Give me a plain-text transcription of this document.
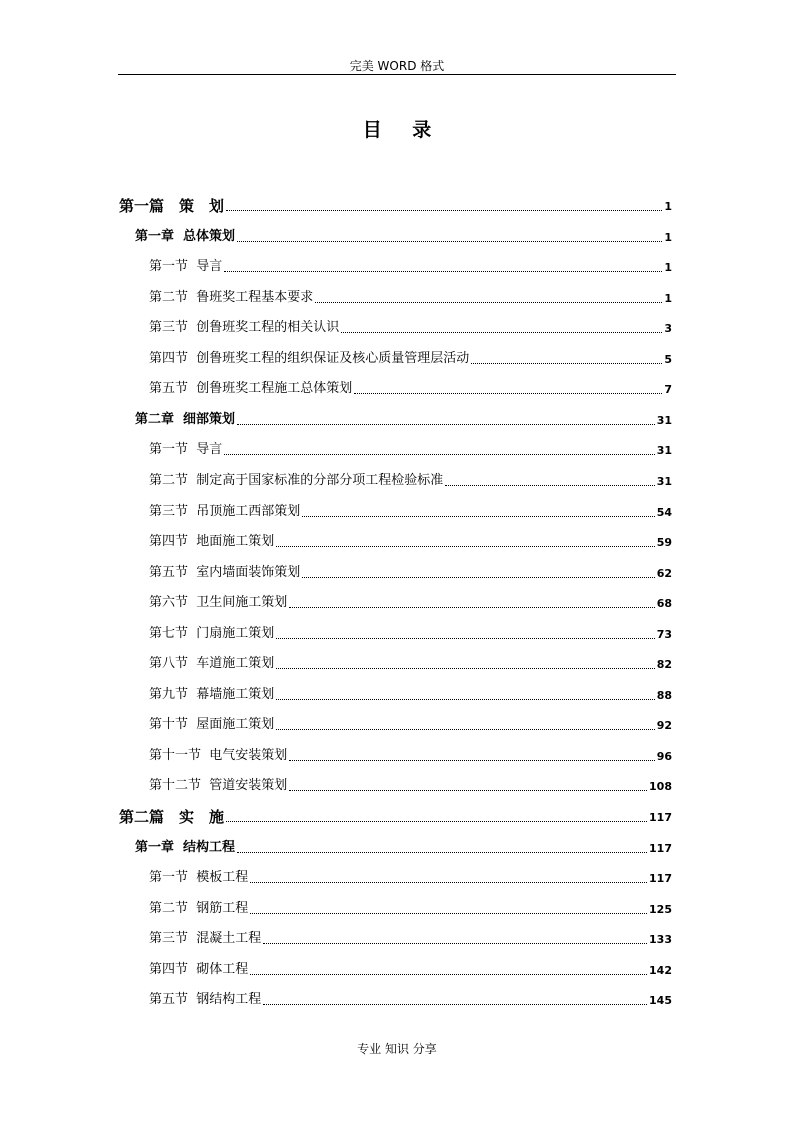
完美 WORD 格式
目 录
第一篇　策　划	1
第一章  总体策划	1
第一节  导言	1
第二节  鲁班奖工程基本要求	1
第三节  创鲁班奖工程的相关认识	3
第四节  创鲁班奖工程的组织保证及核心质量管理层活动	5
第五节  创鲁班奖工程施工总体策划	7
第二章  细部策划	31
第一节  导言	31
第二节  制定高于国家标准的分部分项工程检验标准	31
第三节  吊顶施工西部策划	54
第四节  地面施工策划	59
第五节  室内墙面装饰策划	62
第六节  卫生间施工策划	68
第七节  门扇施工策划	73
第八节  车道施工策划	82
第九节  幕墙施工策划	88
第十节  屋面施工策划	92
第十一节  电气安装策划	96
第十二节  管道安装策划	108
第二篇　实　施	117
第一章  结构工程	117
第一节  模板工程	117
第二节  钢筋工程	125
第三节  混凝土工程	133
第四节  砌体工程	142
第五节  钢结构工程	145
专业 知识 分享
